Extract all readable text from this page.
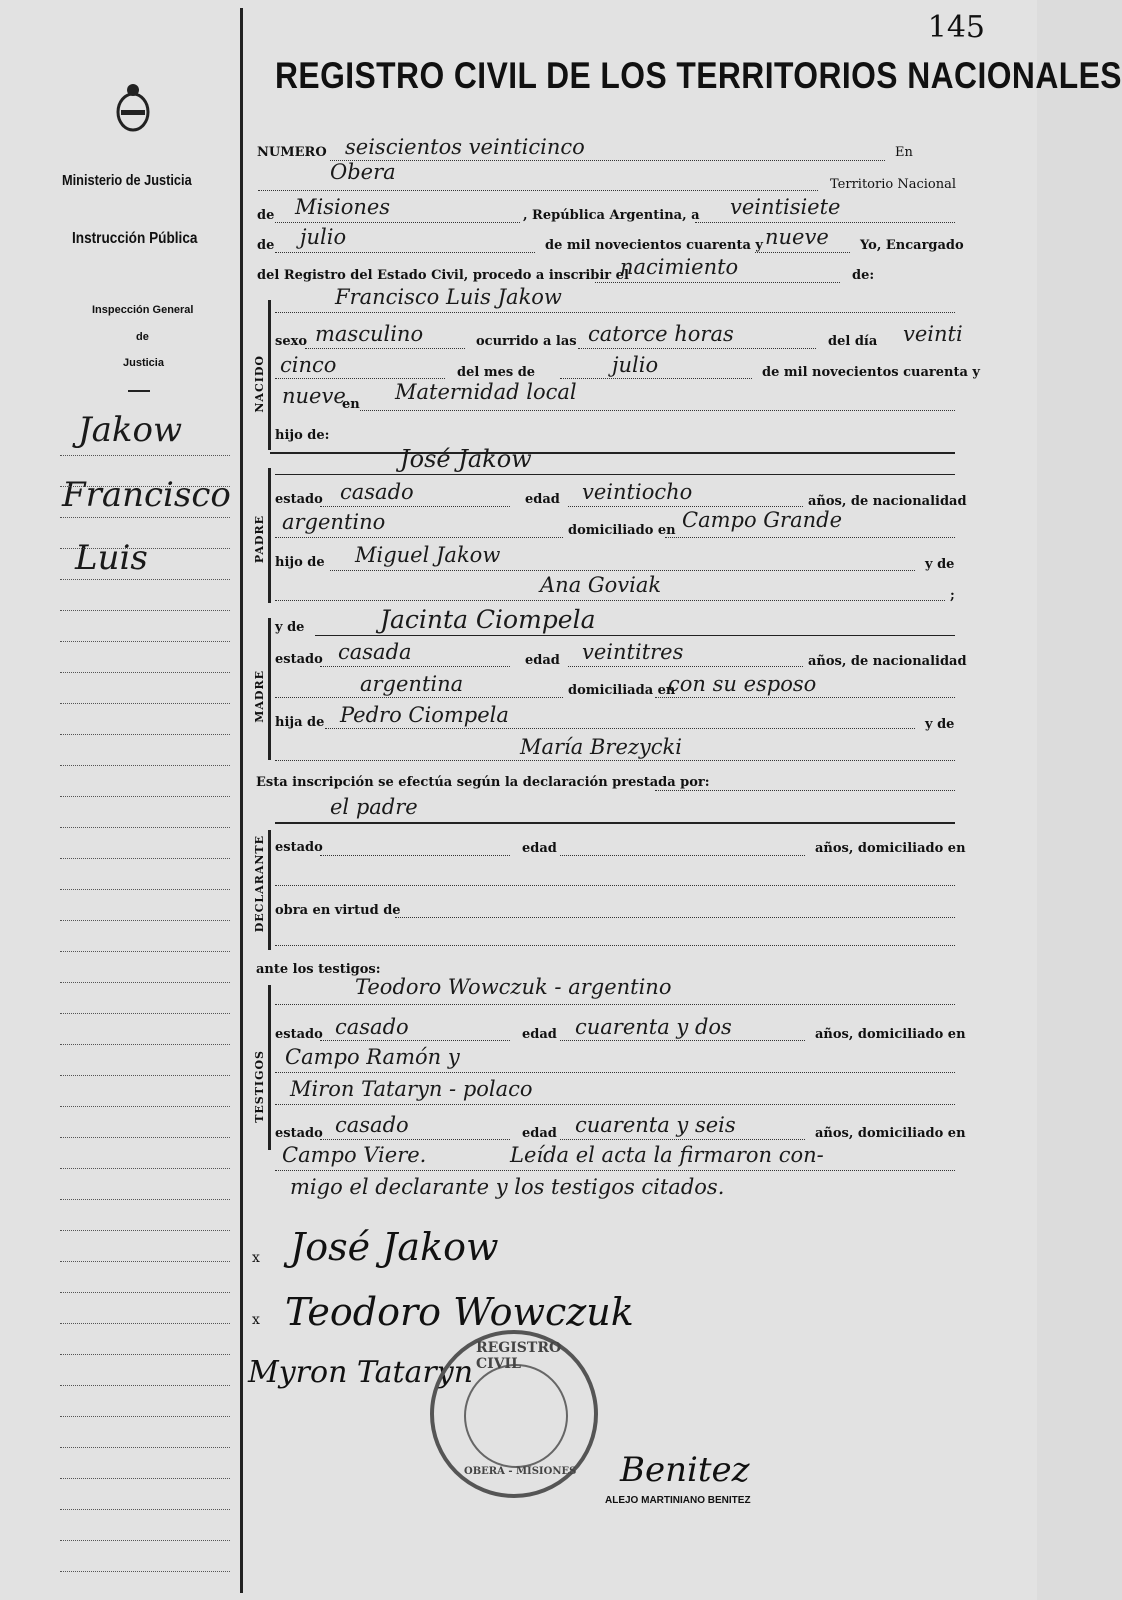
Ministerio de Justicia
Instrucción Pública
Inspección General
de
Justicia
Jakow
Francisco
Luis
145
REGISTRO CIVIL DE LOS TERRITORIOS NACIONALES
NUMERO seiscientos veinticinco	En
Obera
Territorio Nacional
de Misiones	, República Argentina, a veintisiete
de julio	de mil novecientos cuarenta y nueve Yo, Encargado
del Registro del Estado Civil, procedo a inscribir el
nacimiento	de:
NACIDO
Francisco Luis Jakow
sexo masculino	ocurrido a las catorce horas	del día veinti
cinco	del mes de	julio	de mil novecientos cuarenta y
nueve
en
Maternidad local
hijo de:
PADRE
José Jakow
estado casado	edad veintiocho	años, de nacionalidad
argentino	domiciliado en Campo Grande
hijo de Miguel Jakow	y de
Ana Goviak	;
MADRE
y de	Jacinta Ciompela
estado casada	edad veintitres	años, de nacionalidad
argentina	domiciliada en
con su esposo
hija de Pedro Ciompela	y de
María Brezycki
Esta inscripción se efectúa según la declaración prestada por:
el padre
DECLARANTE estado	edad	años, domiciliado en
obra en virtud de
ante los testigos:
TESTIGOS
Teodoro Wowczuk - argentino
estado casado	edad cuarenta y dos	años, domiciliado en
Campo Ramón y
Miron Tataryn - polaco
estado casado	edad cuarenta y seis	años, domiciliado en
Campo Viere.	Leída el acta la firmaron con-
migo el declarante y los testigos citados.
x José Jakow
x Teodoro Wowczuk
Myron Tataryn
REGISTRO CIVIL
OBERA - MISIONES Benitez
ALEJO MARTINIANO BENITEZ
